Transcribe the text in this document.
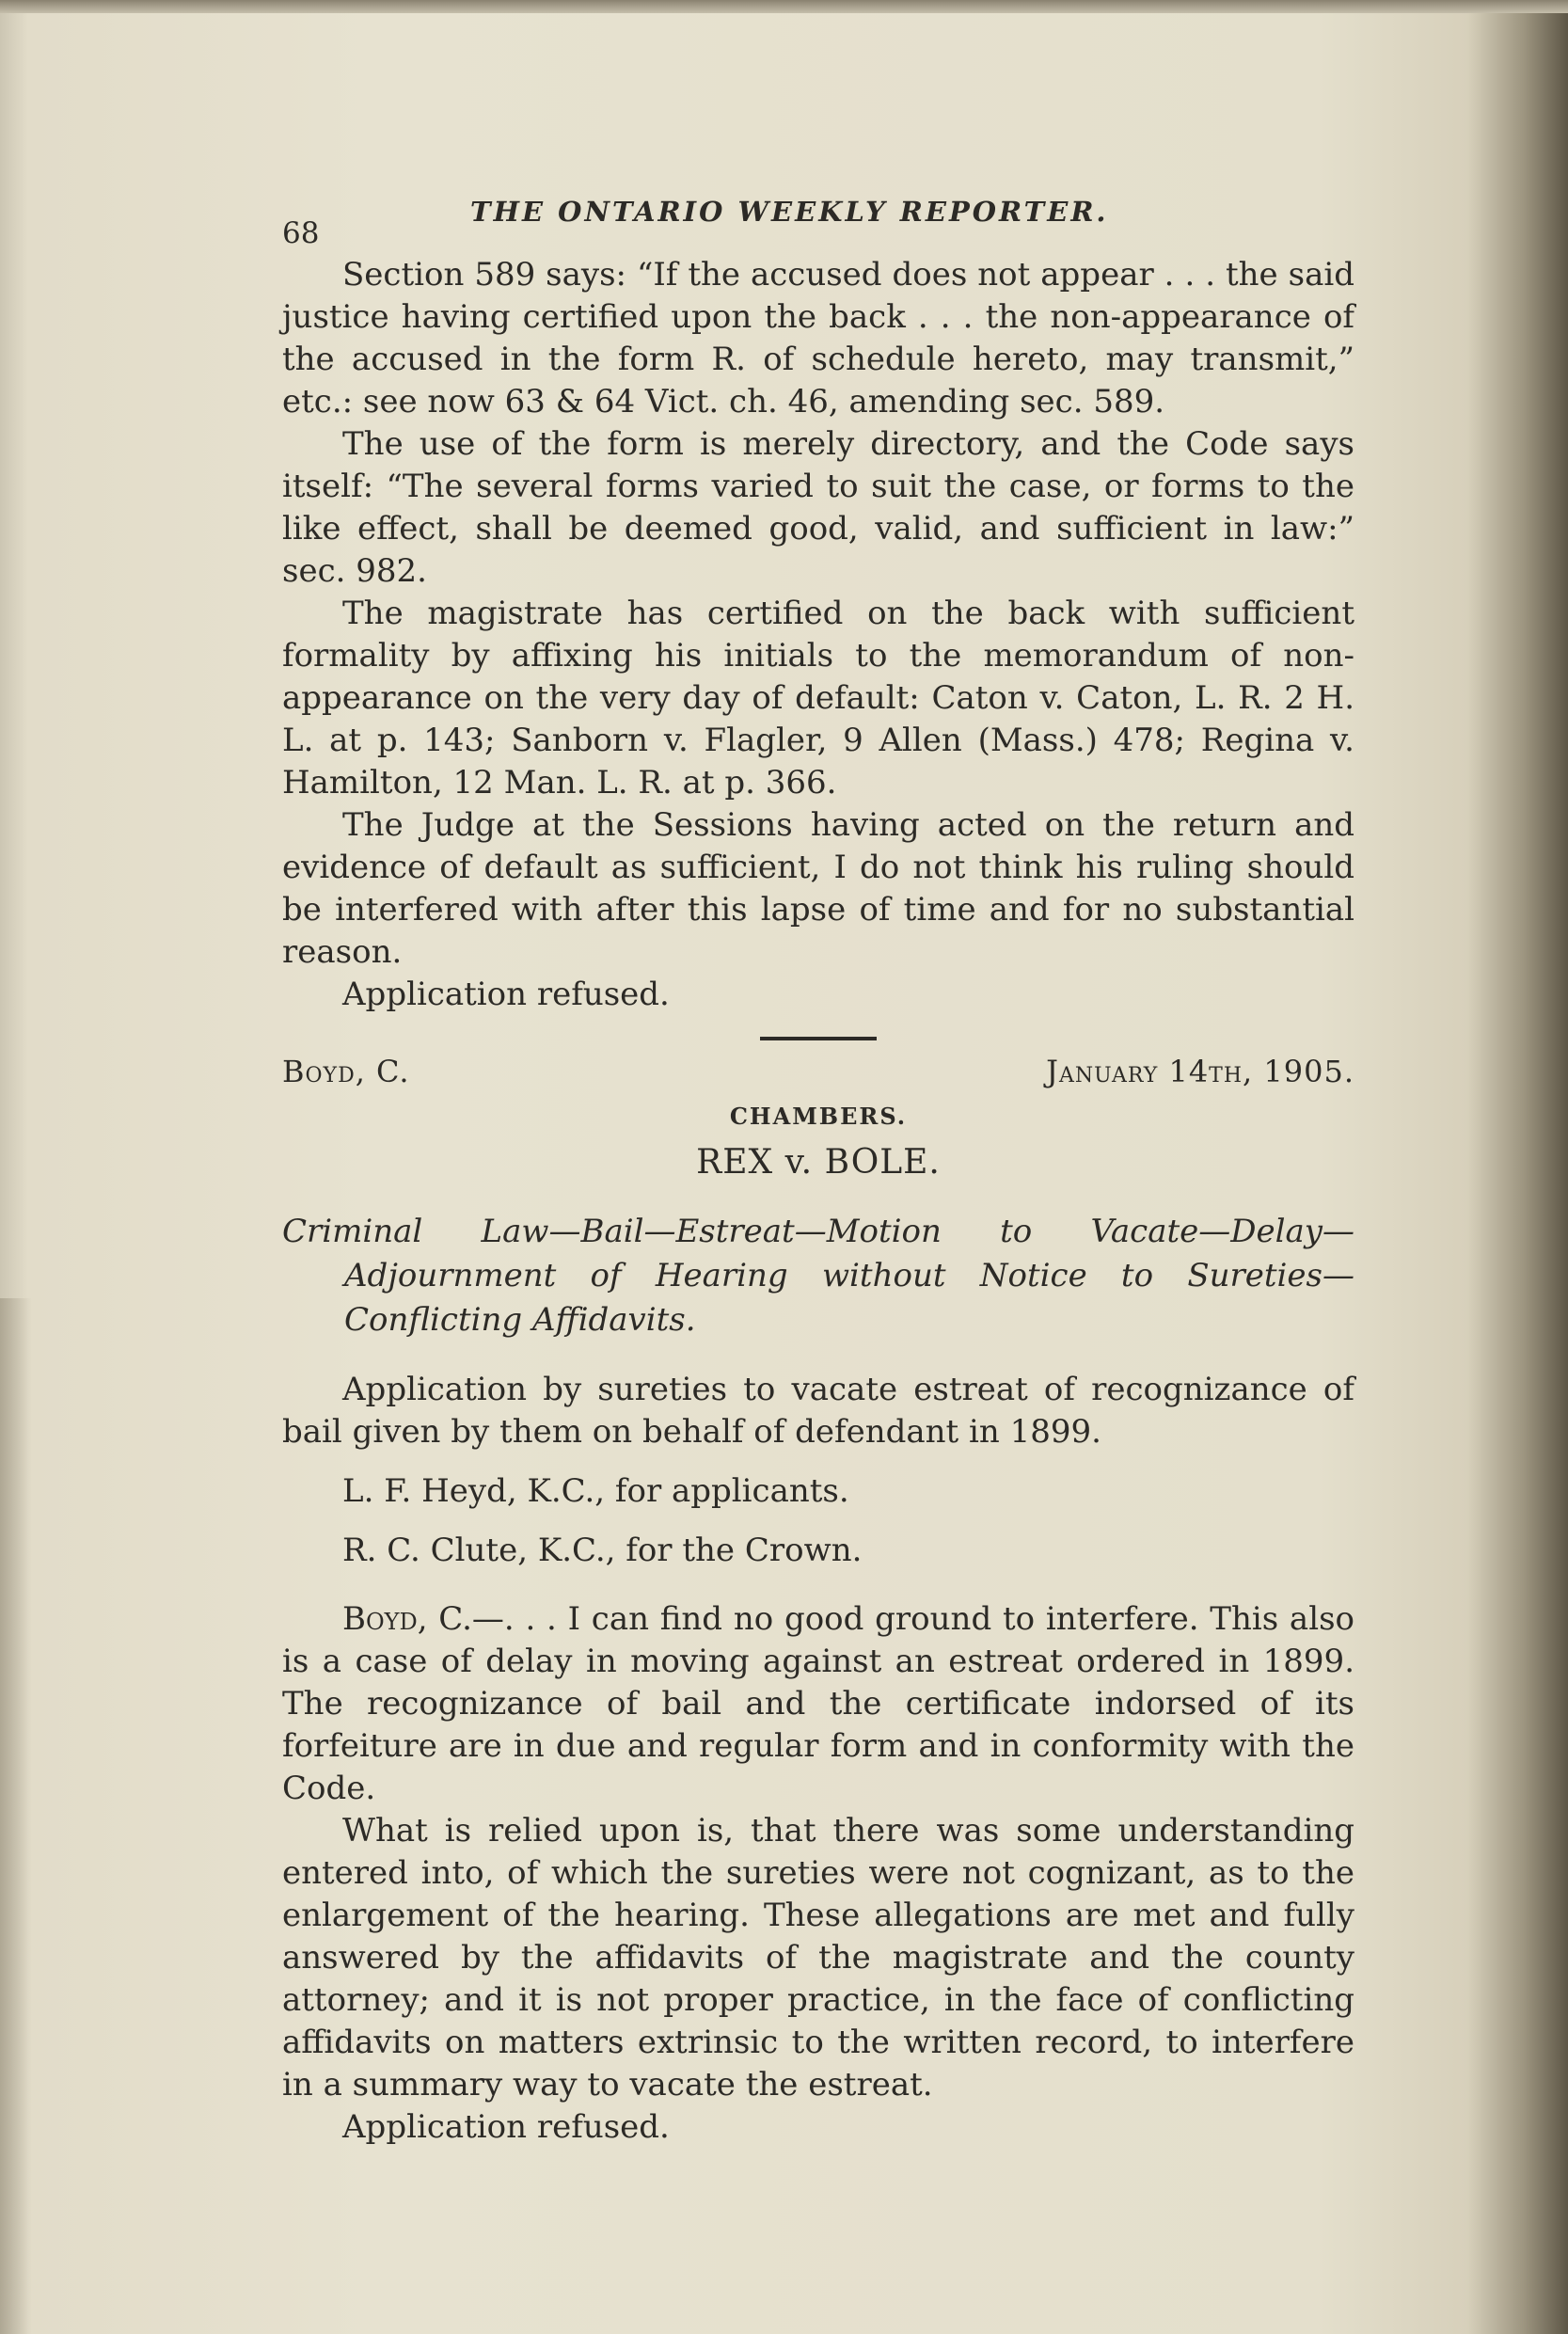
68
THE ONTARIO WEEKLY REPORTER.

Section 589 says: “If the accused does not appear . . . the said justice having certified upon the back . . . the non-appearance of the accused in the form R. of schedule hereto, may transmit,” etc.: see now 63 & 64 Vict. ch. 46, amending sec. 589.

The use of the form is merely directory, and the Code says itself: “The several forms varied to suit the case, or forms to the like effect, shall be deemed good, valid, and sufficient in law:” sec. 982.

The magistrate has certified on the back with sufficient formality by affixing his initials to the memorandum of non-appearance on the very day of default: Caton v. Caton, L. R. 2 H. L. at p. 143; Sanborn v. Flagler, 9 Allen (Mass.) 478; Regina v. Hamilton, 12 Man. L. R. at p. 366.

The Judge at the Sessions having acted on the return and evidence of default as sufficient, I do not think his ruling should be interfered with after this lapse of time and for no substantial reason.

Application refused.

Boyd, C.	January 14th, 1905.
CHAMBERS.
REX v. BOLE.

Criminal Law—Bail—Estreat—Motion to Vacate—Delay—Adjournment of Hearing without Notice to Sureties—Conflicting Affidavits.

Application by sureties to vacate estreat of recognizance of bail given by them on behalf of defendant in 1899.

L. F. Heyd, K.C., for applicants.

R. C. Clute, K.C., for the Crown.

Boyd, C.—. . . I can find no good ground to interfere. This also is a case of delay in moving against an estreat ordered in 1899. The recognizance of bail and the certificate indorsed of its forfeiture are in due and regular form and in conformity with the Code.

What is relied upon is, that there was some understanding entered into, of which the sureties were not cognizant, as to the enlargement of the hearing. These allegations are met and fully answered by the affidavits of the magistrate and the county attorney; and it is not proper practice, in the face of conflicting affidavits on matters extrinsic to the written record, to interfere in a summary way to vacate the estreat.

Application refused.
